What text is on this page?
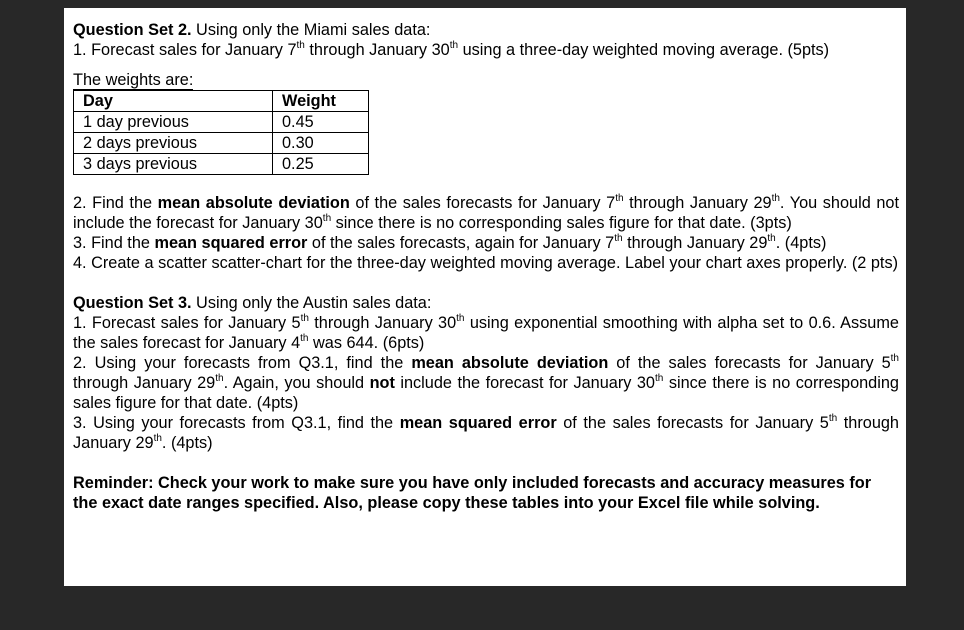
Question Set 2. Using only the Miami sales data:

1. Forecast sales for January 7th through January 30th using a three-day weighted moving average. (5pts)

The weights are:

Day	Weight
1 day previous	0.45
2 days previous	0.30
3 days previous	0.25

2. Find the mean absolute deviation of the sales forecasts for January 7th through January 29th. You should not include the forecast for January 30th since there is no corresponding sales figure for that date. (3pts)

3. Find the mean squared error of the sales forecasts, again for January 7th through January 29th. (4pts)

4. Create a scatter scatter-chart for the three-day weighted moving average. Label your chart axes properly. (2 pts)

Question Set 3. Using only the Austin sales data:

1. Forecast sales for January 5th through January 30th using exponential smoothing with alpha set to 0.6. Assume the sales forecast for January 4th was 644. (6pts)

2. Using your forecasts from Q3.1, find the mean absolute deviation of the sales forecasts for January 5th through January 29th. Again, you should not include the forecast for January 30th since there is no corresponding sales figure for that date. (4pts)

3. Using your forecasts from Q3.1, find the mean squared error of the sales forecasts for January 5th through January 29th. (4pts)

Reminder: Check your work to make sure you have only included forecasts and accuracy measures for the exact date ranges specified. Also, please copy these tables into your Excel file while solving.
